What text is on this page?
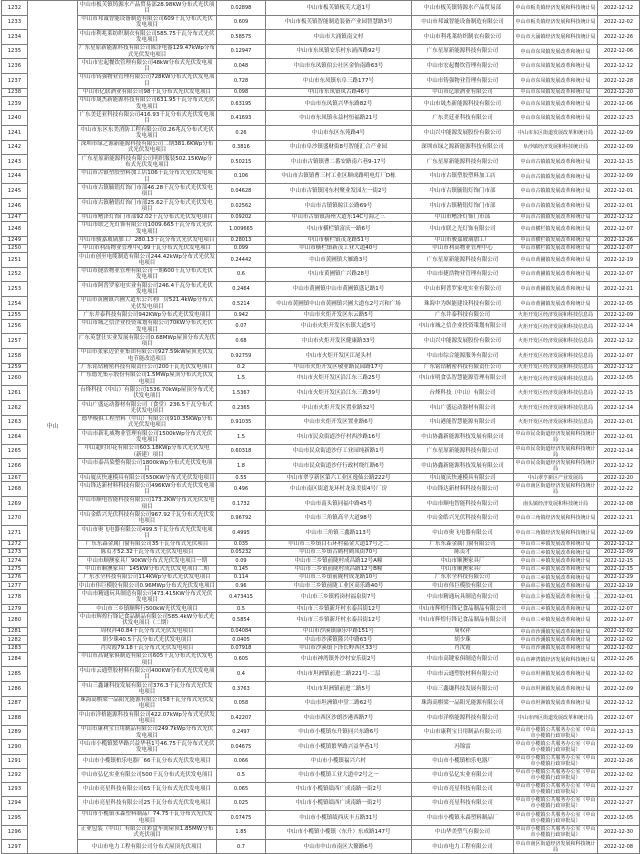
1232	中山	中山市板芙镇铸源水产品贸易部28.98KW分布式光伏项目	0.02898	中山市板芙镇板芙大道1号	中山市板芙镇铸源水产品贸易部	中山市板芙镇经济发展和科技统计局	2022-12-12
1233		中山市邦诚智能设备制造有限公司609千瓦分布式光伏发电项目	0.609	中山市板芙镇智能制造装备产业园智慧路3号	中山市邦诚智能设备制造有限公司	中山市板芙镇经济发展和科技统计局	2022-12-02
1234		中山市利兆莱纺织制衣有限公司585.75千瓦分布式光伏发电项目	0.58575	中山市大涌镇南文村	中山市利兆莱纺织制衣有限公司	中山市大涌镇经济发展和科技统计局	2022-12-26
1235		广东星原新能源科技有限公司陈泽电器129.47kWp分布式光伏发电项目	0.12947	中山市东凤镇安乐村东涌西路92号	广东星原新能源科技有限公司	中山市东凤镇发展改革和统计局	2022-12-06
1236		中山市宏起餐饮管理有限公司48kW分布式光伏发电项目	0.048	中山市东凤镇伯公社区金怡南路63号	中山市宏起餐饮管理有限公司	中山市东凤镇发展改革和统计局	2022-12-12
1237		中山市铸强物业管理有限公司728KW分布式光伏发电项目	0.728	中山市东凤镇东阜三路177号	中山市铸强物业管理有限公司	中山市东凤镇发展改革和统计局	2022-12-28
1238		中山市亿联酒业有限公司98千瓦分布式光伏发电项目	0.098	中山市东凤镇凤古路46号	中山市亿联酒业有限公司	中山市东凤镇发展改革和统计局	2022-12-20
1239		中山市晟杰新能源科技有限公司631.95千瓦分布式光伏发电项目	0.63195	中山市东凤镇兴华东路82号	中山市晟杰新能源科技有限公司	中山市东凤镇发展改革和统计局	2022-12-06
1240		广东美廷亚科技有限公司416.93千瓦分布式光伏发电项目	0.41693	中山市东凤镇永益村恒福路21号	广东美廷亚科技有限公司	中山市东凤镇发展改革和统计局	2022-12-23
1241		中山市东区东美消防工程有限公司0.26兆瓦分布式光伏发电项目	0.26	中山市东区东苑路4号	中山兴中能源发展股份有限公司	中山市东区街道发展改革和统计局	2022-12-09
1242		深圳市绿之源新能源科技有限公司二期381.6KWp分布式光伏发电项目	0.3816	中山市阜沙镇盛财街8号智能汇合产业园	深圳市绿之源新能源科技有限公司	阜沙镇经济发展和科技统计局	2022-12-09
1243		广东星原新能源科技有限公司明织服装502.15KWp分布式光伏发电项目	0.50215	中山市古镇镇曹二番安路南六巷9-17号	广东星原新能源科技有限公司	中山市古镇镇发展改革和统计局	2022-12-15
1244		中山市古镇塑胶塑料加工店106千瓦分布式光伏发电项目	0.106	中山市古镇镇曹三村工业区顺成路明电灯厂D栋	中山市古镇塑胶塑料加工店	中山市古镇镇发展改革和统计局	2022-12-09
1245		中山市古镇毓锠灯饰门市部46.28千瓦分布式光伏发电项目	0.04628	中山市古镇镇冈东村聚业发园左一街2号	中山市古镇毓锠灯饰门市部	中山市古镇镇发展改革和统计局	2022-12-01
1246		中山市古镇精锠灯饰门市部25.62千瓦分布式光伏发电项目	0.02562	中山市古镇镇晾江公路69号	中山市古镇精锠灯饰门市部	中山市古镇镇发展改革和统计局	2022-12-01
1247		中山市鳍泽灯饰门市部92.02千瓦分布式光伏发电项目	0.09202	中山市古镇镇海州大道东14C号海之三	中山市鳍泽灯饰门市部	中山市古镇镇发展改革和统计局	2022-12-12
1248		中山市联之光灯饰有限公司1009.665千瓦分布式光伏发电项目	1.009665	中山市横栏镇富庆一路6号	中山市联之光灯饰有限公司	中山市横栏镇发展改革和统计局	2022-12-07
1249		中山市骏嘉玻璃加工厂280.13千瓦分布式光伏发电项目	0.28013	中山市横栏镇茂龙路51号	中山市骏嘉玻璃加工厂	中山市横栏镇发展改革和统计局	2022-12-26
1250		中山市利高物业管理中心99千瓦分布式光伏发电项目	0.099	中山市横栏镇新茂工业大道40号	中山市利高物业管理中心	中山市横栏镇发展改革和统计局	2022-12-07
1251		中山市创至电缆制造有限公司244.42kWp分布式光伏发电项目	0.24442	中山市黄圃镇大雁路3号	广东星原新能源科技有限公司	中山市黄圃镇发展改革和统计局	2022-12-19
1252		中山市捷浩物业管理有限公司一期600千瓦分布式光伏发电项目	0.6	中山市黄圃镇广兴路28号	中山市捷浩物业管理有限公司	中山市黄圃镇发展改革和统计局	2022-12-07
1253		中山市阿普罗家电实业有限公司246.4千瓦分布式光伏发电项目	0.2464	中山市黄圃镇中山市黄圃镇盛记路1号	中山市阿普罗家电实业有限公司	中山市黄圃镇发展改革和统计局	2022-12-21
1254		中山市黄圃镇兴圃大道东公兴利厂房521.4kWp分布式光伏发电项目	0.5214	中山市黄圃镇中山市黄圃镇兴圃大道东2号兴和广场	珠海中为纵能建设科技有限公司	中山市黄圃镇发展改革和统计局	2022-12-05
1255		广东井泰科技有限公司942KWp分布式光伏发电项目	0.942	中山市火炬开发区东云路5号	广东井泰科技有限公司	火炬开发区经济发展和科技信息局	2022-12-09
1256		中山市城之信企业投资策划有限公司70KW分布式光伏发电项目	0.07	中山市火炬开发区东镇大道5号	中山市城之信企业投资策划有限公司	火炬开发区经济发展和科技信息局	2022-12-14
1257		广东英慧仕实业发展有限公司0.68MWp屋顶分布式光伏项目	0.68	中山市火炬开发区健康路33号	中山兴中能源发展股份有限公司	火炬开发区经济发展和科技信息局	2022-12-12
1258		中山市张家边企业集团有限公司927.59kW屋顶光伏发电节能改造项目	0.92759	中山市火炬开发区江尾头村	中山市综合能源服务有限公司	火炬开发区经济发展和科技信息局	2022-12-07
1259		广东铭钻精密科技有限责任公司200千瓦光伏发电项目	0.2	中山市火炬开发区敬业路民园路17号	广东铭钻精密科技有限责任公司	火炬开发区经济发展和科技信息局	2022-12-12
1260		广东德先集示股份有限公司1.5MWp屋顶分布式光伏发电项目	1.5	中山市火炬开发区沿江东三路25号	中山市明食弘智慧能源管理有限公司	火炬开发区经济发展和科技信息局	2022-12-05
1261		台烽科技（中山）有限公司1536.70kWp屋顶分布式光伏发电项目	1.5367	中山市火炬开发区沿江东三路39号	台烽科技（中山）有限公司	火炬开发区经济发展和科技信息局	2022-12-15
1262		中山广盛运动器材有限公司（食堂）236.5千瓦分布式光伏发电项目	0.2365	中山市火炬开发区置业路32号	中山广盛运动器材有限公司	火炬开发区经济发展和科技信息局	2022-12-14
1263		德华模俱工程塑料（中山）有限公司910.35KWp分布式光伏发电项目	0.91035	中山市火炬开发区置业路6号	中山港能智慧能源有限公司	火炬开发区经济发展和科技信息局	2022-12-01
1264		中山市新礼威物业管理有限公司1500kWp分布式光伏发电项目	1.5	中山市民众街道沙仔村西沙路16号	中山协鑫新能源科技发展有限公司	中山市民众街道经济发展和科技统计局	2022-12-01
1265		中山超时印花有限公司603.18KWp分布式光伏发电（新建）项目	0.60318	中山市民众街道沙仔工业园纯新路1号	广东星原新能源科技有限公司	中山市民众街道经济发展和科技统计局	2022-12-14
1266		中山市泰昌染整有限公司1800kWp分布式光伏发电项目	1.8	中山市民众街道沙仔行政村绕红路6号	中山协鑫新能源科技发展有限公司	中山市民众街道经济发展和科技统计局	2022-12-12
1267		中山厦庆快速模具有限公司550KW分布式光伏发电项目	0.55	中山市翠亨新区第六工业区逸仙公路222号	中山厦庆快速模具有限公司	中山翠亨新区产业发展局	2022-12-20
1268		中山锋达新材料科技有限公司496KW分布式光伏发电项目	0.496	中山市南区街道龙环村龙泉美街4号厂房	中山锋达新材料科技有限公司	中山市南区街道经济发展和科技统计局	2022-12-22
1269		中山市顺电智能科技有限公司173.2KW分布式光伏发电项目	0.1732	中山市南头镇同福中路45号	中山市顺电智能科技有限公司	南头镇经济发展和科技统计局	2022-12-08
1270		中山金皓兴光伏科技有限公司967.92千瓦分布式光伏发电项目	0.96792	中山市三角镇高平大道98号	中山金皓兴光伏科技有限公司	中山市三角镇经济发展和科技统计局	2022-12-21
1271		中山市奥飞电器有限公司499.5千瓦分布式光伏发电项目	0.4995	中山市三角镇三鑫路113号	中山市奥飞电器有限公司	中山市三角镇经济发展和科技统计局	2022-12-09
1272		广东东森金属门窗有限公司35千瓦分布式光伏项目	0.035	中山市三乡镇白石环村福金大道17号之二	广东东森金属门窗有限公司	中山市三乡镇发展改革和统计局	2022-12-12
1273		陈贞才52.32千瓦分布式光伏发电项目	0.05232	中山市三乡镇古鹤村鹤凤街70号	陈贞才	中山市三乡镇发展改革和统计局	2022-12-09
1274		中山市顺澳家具厂90KW分布式光伏发电项目一期	0.09	中山市三乡镇前陇村成昌路12号A幢	中山市顺澳家具厂	中山市三乡镇发展改革和统计局	2022-12-15
1275		中山市顺澳家具厂145KW分布式光伏发电项目二期	0.145	中山市三乡镇前陇村成昌路12号B幢	中山市顺澳家具厂	中山市三乡镇发展改革和统计局	2022-12-15
1276		广东水全科技有限公司114KWp分布式光伏发电项目	0.114	中山市三乡镇前陇村成龙路10号	广东水全科技有限公司	中山市三乡镇发展改革和统计局	2022-12-29
1277		中山市伟巨模胶有限公司0.96MWp分布式光伏发电项目	0.96	中山市三乡镇前陇工业区高乐路40号	中山市伟巨模胶有限公司	中山市三乡镇发展改革和统计局	2022-12-19
1278		中山市精通玩具制造有限公司473.415KW分布式光伏发电项目	0.473415	中山市三乡镇鸦岗村福泉街7号	中山市精通玩具制造有限公司	中山市三乡镇发展改革和统计局	2022-12-01
1279		中山市三乡镇顺辉行500kW光伏发电项目	0.5	中山市三乡镇新圩村水泰昌街12号	中山市辉煌行锋记食品制品有限公司	中山市三乡镇发展改革和统计局	2022-12-07
1280		中山市辉煌行锋记食品制品有限公司585.4kW分布式光伏发电项目（二期）	0.5854	中山市三乡镇新圩村水泰昌街12号	中山市辉煌行锋记食品制品有限公司	中山市三乡镇发展改革和统计局	2022-12-07
1281		周权祥40.84千瓦分布式光伏发电项目	0.04084	中山市沙溪镇康乐中路151号	周权祥	中山市沙溪镇发展改革和统计局	2022-12-02
1282		胡少珠40.5千瓦分布式光伏发电项目	0.0405	中山市沙溪镇隆兴中路63号	胡少珠	中山市沙溪镇发展改革和统计局	2022-12-02
1283		肖汝霞79.18千瓦分布式光伏发电项目	0.07918	中山市沙溪镇下泽长岭西区33号	肖汝霞	中山市沙溪镇发展改革和统计局	2022-12-02
1284		中山市高键家俱制造有限公司605千瓦分布式光伏发电项目	0.605	中山市神湾镇外沙村安乐街2号	中山市高键家俱制造有限公司	中山市神湾镇经济发展和科技统计局	2022-12-26
1285		中山市云通塑胶材料有限公司400KW分布式光伏发电项目	0.4	中山市坦洲镇前进二路221号-二层	中山市云通塑胶材料有限公司	中山市坦洲镇发展改革和统计局	2022-12-02
1286		中山三鑫谦科技发展有限公司376.3千瓦分布式光伏发电项目	0.3763	中山市坦洲镇前进二路5号	中山三鑫谦科技发展有限公司	中山市坦洲镇发展改革和统计局	2022-12-09
1287		珠海高棋梁一品阳光能源有限公司58千瓦分布式光伏发电项目	0.058	中山市坦洲镇申堂二路62号	珠海高棋梁一品阳光能源有限公司	中山市坦洲镇发展改革和统计局	2022-12-12
1288		中山市洋格能源科技有限公司422.07kWp分布式光伏发电项目	0.42207	中山市西区沙朗沙港西路7号	中山市洋格能源科技有限公司	中山市西区街道发展改革和统计局	2022-12-07
1289		中山市康利宝日用制品有限公司249.7kWp分布式光伏发电项目	0.2497	中山市小榄镇东升镇同兴东路6号	中山市康利宝日用制品有限公司	中山市小榄镇公共服务办公室（中山市小榄镇行政审批局）	2022-12-13
1290		中山市小榄镇繁华路兴益华巷1号46.75千瓦分布式光伏发电项目	0.04675	中山市小榄镇繁华路兴益华巷1号	冯锦雷	中山市小榄镇公共服务办公室（中山市小榄镇行政审批局）	2022-12-09
1291		中山市小榄镇柏乐电器厂66千瓦分布式光伏发电项目	0.066	中山市小榄镇福兴六村	中山市小榄镇柏乐电器厂	中山市小榄镇公共服务办公室（中山市小榄镇行政审批局）	2022-12-26
1292		中山市弘亿实业有限公司500千瓦分布式光伏发电项目	0.5	中山市小榄镇工业大道中2号之一	中山市弘亿实业有限公司	中山市小榄镇公共服务办公室（中山市小榄镇行政审批局）	2022-12-02
1293		中山市亮星科技有限公司65千瓦分布式光伏发电项目	0.065	中山市小榄镇绩西广成南路一街2号	中山市亮星科技有限公司	中山市小榄镇公共服务办公室（中山市小榄镇行政审批局）	2022-12-27
1294		中山市亮星科技有限公司25千瓦分布式光伏发电项目	0.025	中山市小榄镇绩西广成南路一街2号	中山市亮星科技有限公司	中山市小榄镇公共服务办公室（中山市小榄镇行政审批局）	2022-12-27
1295		中山市小榄镇永森塑料制品厂74.75千瓦分布式光伏发电项目	0.07475	中山市小榄镇绩西庆丰五路31号	中山市小榄镇永森塑料制品厂	中山市小榄镇公共服务办公室（中山市小榄镇行政审批局）	2022-12-05
1296		正业包装（中山）有限公司彩盒车间屋顶1.85MW分布式光伏项目	1.85	中山市小榄镇小榄镇（东升）东成路147号	中山华美塑气有限公司	中山市小榄镇公共服务办公室（中山市小榄镇行政审批局）	2022-12-30
1297		中山市电力工程有限公司分布式屋顶光伏项目	0.7	中山市中山市南区大鳌路6号	中山市电力工程有限公司	中山市南区街道经济发展和科技统计局	2022-12-08
